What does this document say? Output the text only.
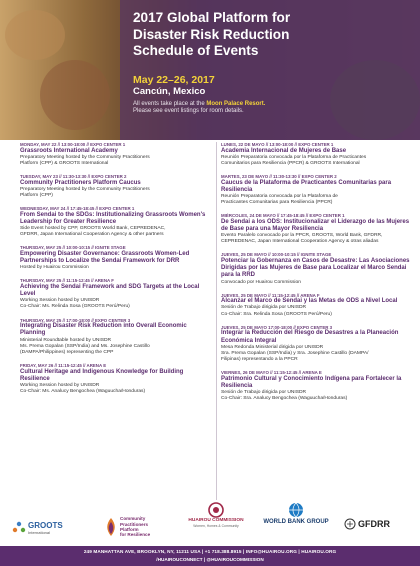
2017 Global Platform for
Disaster Risk Reduction
Schedule of Events
May 22–26, 2017
Cancún, Mexico
All events take place at the Moon Palace Resort.
Please see event listings for room details.
MONDAY, MAY 22 // 13:00-18:00 // EXPO CENTER 1
Grassroots International Academy
Preparatory Meeting hosted by the Community Practitioners
Platform (CPP) & GROOTS International
TUESDAY, MAY 23 // 11:30-13:30 // EXPO CENTER 2
Community Practitioners Platform Caucus
Preparatory Meeting hosted by the Community Practitioners
Platform (CPP)
WEDNESDAY, MAY 24 // 17:45-18:45 // EXPO CENTER 1
From Sendai to the SDGs: Institutionalizing Grassroots Women's Leadership for Greater Resilience
Side Event hosted by CPP, GROOTS World Bank, CEPREDENAC,
GFDRR, Japan International Cooperation Agency & other partners
THURSDAY, MAY 25 // 10:00-10:15 // IGNITE STAGE
Empowering Disaster Governance: Grassroots Women-Led Partnerships to Localize the Sendai Framework for DRR
Hosted by Huairou Commission
THURSDAY, MAY 25 // 11:15-12:45 // ARENA F
Achieving the Sendai Framework and SDG Targets at the Local Level
Working Session hosted by UNISDR
Co-Chair: Ms. Relinda Sosa (GROOTS Perú/Peru)
THURSDAY, MAY 25 // 17:00-18:00 // EXPO CENTER 3
Integrating Disaster Risk Reduction into Overall Economic Planning
Ministerial Roundtable hosted by UNISDR
Ms. Prema Gopalan (SSP/India) and Ms. Josephine Castillo
(DAMPA/Philippines) representing the CPP
FRIDAY, MAY 26 // 11:15-12:45 // ARENA E
Cultural Heritage and Indigenous Knowledge for Building Resilience
Working Session hosted by UNISDR
Co-Chair: Ms. Analucy Bengochea (Waguucha/Honduras)
LUNES, 22 DE MAYO // 13:00-18:00 // EXPO CENTER 1
Academia Internacional de Mujeres de Base
Reunión Preparatoria convocada por la Plataforma de Practicantes
Comunitarios para Resiliencia (PPCR) & GROOTS International
MARTES, 23 DE MAYO // 11:30-13:30 // EXPO CENTER 2
Caucus de la Plataforma de Practicantes Comunitarias para Resiliencia
Reunión Preparatoria convocada por la Plataforma de
Practicantes Comunitarias para Resiliencia (PPCR)
MIÉRCOLES, 24 DE MAYO // 17:45-18:45 // EXPO CENTER 1
De Sendai a los ODS: Institucionalizar el Liderazgo de las Mujeres de Base para una Mayor Resiliencia
Evento Paralelo convocado por la PPCR, GROOTS, World Bank, GFDRR,
CEPREDENAC, Japan International Cooperation Agency & otras aliadas
JUEVES, 25 DE MAYO // 10:00-10:15 // IGNITE STAGE
Potenciar la Gobernanza en Casos de Desastre: Las Asociaciones Dirigidas por las Mujeres de Base para Localizar el Marco Sendai para la RRD
Convocado por Huairou Commission
JUEVES, 25 DE MAYO // 11:15-12:45 // ARENA F
Alcanzar el Marco de Sendai y las Metas de ODS a Nivel Local
Sesión de Trabajo dirigida por UNISDR
Co-Chair: Sra. Relinda Sosa (GROOTS Perú/Peru)
JUEVES, 25 DE MAYO 17:00-18:00 // EXPO CENTER 3
Integrar la Reducción del Riesgo de Desastres a la Planeación Económica Integral
Mesa Redonda Ministerial dirigida por UNISDR
Sra. Prema Gopalan (SSP/India) y Sra. Josephine Castillo (DAMPA/
Filipinas) representando a la PPCR
VIERNES, 26 DE MAYO // 11:15-12:45 // ARENA E
Patrimonio Cultural y Conocimiento Indígena para Fortalecer la Resiliencia
Sesión de Trabajo dirigida por UNISDR
Co-Chair: Sra. Analucy Bengochea (Waguucha/Honduras)
GROOTS
International
Community
Practitioners
Platform
for Resilience
HUAIROU COMMISSION
Women, Homes & Community
WORLD BANK GROUP	GFDRR
249 MANHATTAN AVE, BROOKLYN, NY, 11211 USA | +1 718.388.8915 | INFO@HUAIROU.ORG | HUAIROU.ORG
/HUAIROUCONNECT | @HUAIROUCOMMISSION
